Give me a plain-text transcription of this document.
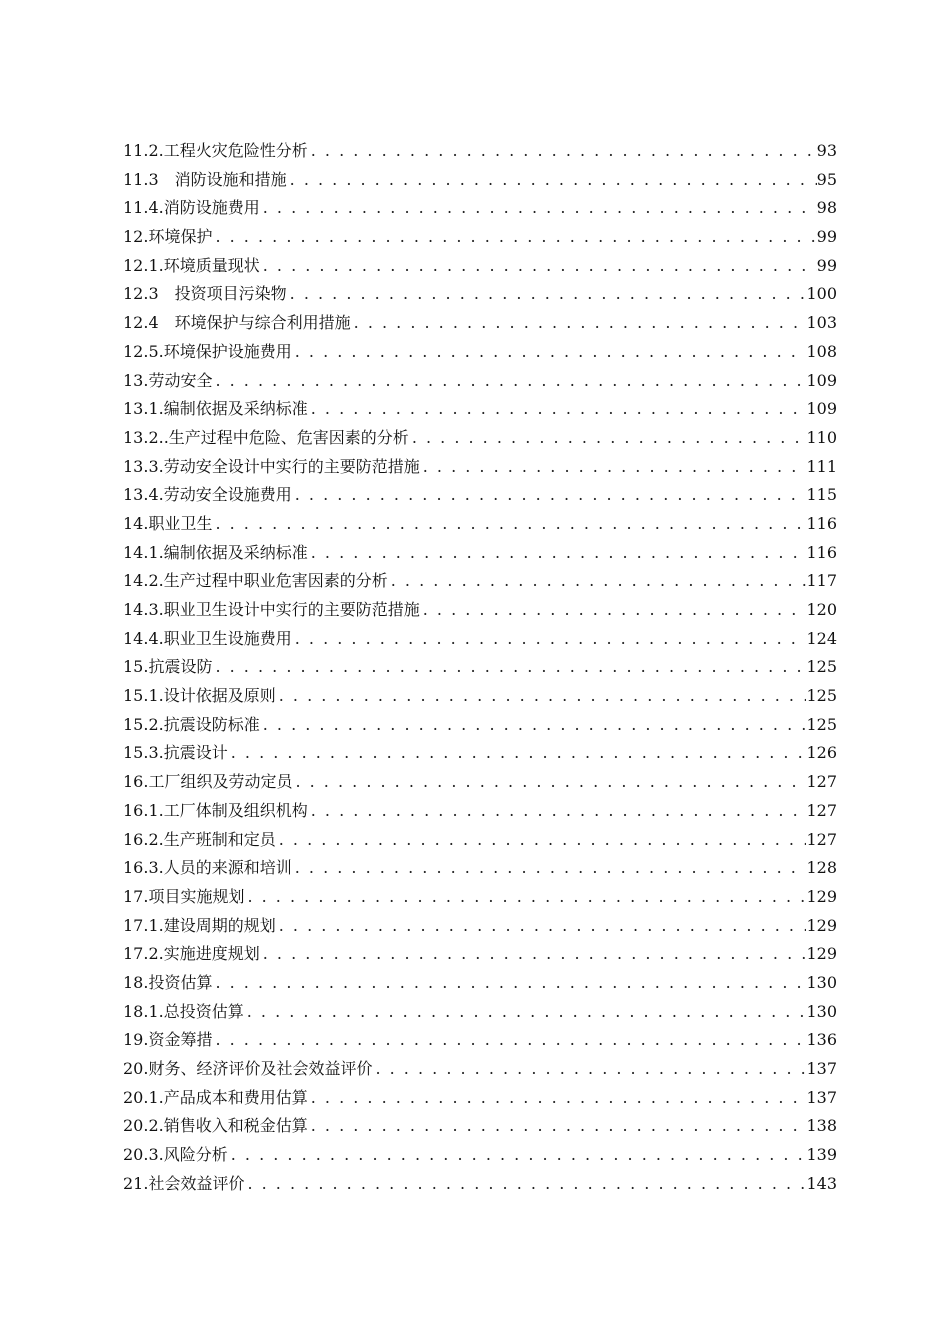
11.2.工程火灾危险性分析 . . .	93
11.3　消防设施和措施 . . .	95
11.4.消防设施费用 . . .	98
12.环境保护 . . .	99
12.1.环境质量现状 . . .	99
12.3　投资项目污染物 . . .	100
12.4　环境保护与综合利用措施 . . .	103
12.5.环境保护设施费用 . . .	108
13.劳动安全 . . .	109
13.1.编制依据及采纳标准 . . .	109
13.2..生产过程中危险、危害因素的分析 . . .	110
13.3.劳动安全设计中实行的主要防范措施 . . .	111
13.4.劳动安全设施费用 . . .	115
14.职业卫生 . . .	116
14.1.编制依据及采纳标准 . . .	116
14.2.生产过程中职业危害因素的分析 . . .	117
14.3.职业卫生设计中实行的主要防范措施 . . .	120
14.4.职业卫生设施费用 . . .	124
15.抗震设防 . . .	125
15.1.设计依据及原则 . . .	125
15.2.抗震设防标准 . . .	125
15.3.抗震设计 . . .	126
16.工厂组织及劳动定员 . . .	127
16.1.工厂体制及组织机构 . . .	127
16.2.生产班制和定员 . . .	127
16.3.人员的来源和培训 . . .	128
17.项目实施规划 . . .	129
17.1.建设周期的规划 . . .	129
17.2.实施进度规划 . . .	129
18.投资估算 . . .	130
18.1.总投资估算 . . .	130
19.资金筹措 . . .	136
20.财务、经济评价及社会效益评价 . . .	137
20.1.产品成本和费用估算 . . .	137
20.2.销售收入和税金估算 . . .	138
20.3.风险分析 . . .	139
21.社会效益评价 . . .	143
